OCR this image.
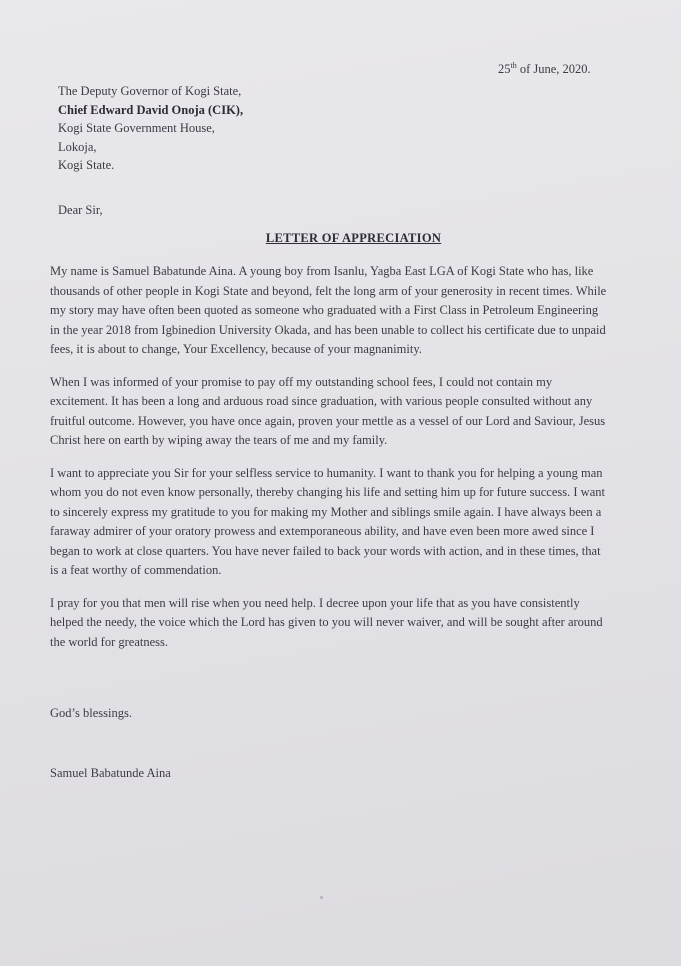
25th of June, 2020.
The Deputy Governor of Kogi State,
Chief Edward David Onoja (CIK),
Kogi State Government House,
Lokoja,
Kogi State.
Dear Sir,
LETTER OF APPRECIATION

My name is Samuel Babatunde Aina. A young boy from Isanlu, Yagba East LGA of Kogi State who has, like thousands of other people in Kogi State and beyond, felt the long arm of your generosity in recent times. While my story may have often been quoted as someone who graduated with a First Class in Petroleum Engineering in the year 2018 from Igbinedion University Okada, and has been unable to collect his certificate due to unpaid fees, it is about to change, Your Excellency, because of your magnanimity.

When I was informed of your promise to pay off my outstanding school fees, I could not contain my excitement. It has been a long and arduous road since graduation, with various people consulted without any fruitful outcome. However, you have once again, proven your mettle as a vessel of our Lord and Saviour, Jesus Christ here on earth by wiping away the tears of me and my family.

I want to appreciate you Sir for your selfless service to humanity. I want to thank you for helping a young man whom you do not even know personally, thereby changing his life and setting him up for future success. I want to sincerely express my gratitude to you for making my Mother and siblings smile again. I have always been a faraway admirer of your oratory prowess and extemporaneous ability, and have even been more awed since I began to work at close quarters. You have never failed to back your words with action, and in these times, that is a feat worthy of commendation.

I pray for you that men will rise when you need help. I decree upon your life that as you have consistently helped the needy, the voice which the Lord has given to you will never waiver, and will be sought after around the world for greatness.

God’s blessings.
Samuel Babatunde Aina
